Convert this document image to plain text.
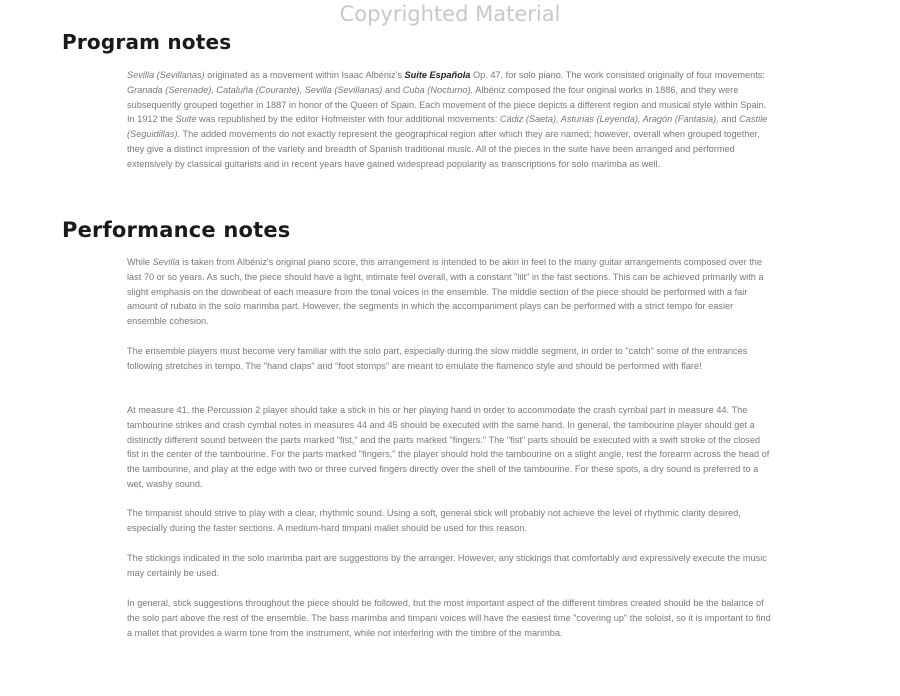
Copyrighted Material
Program notes

Sevilla (Sevillanas) originated as a movement within Isaac Albéniz's Suite Española Op. 47, for solo piano. The work consisted originally of four movements: Granada (Serenade), Cataluña (Courante), Sevilla (Sevillanas) and Cuba (Nocturno). Albéniz composed the four original works in 1886, and they were subsequently grouped together in 1887 in honor of the Queen of Spain. Each movement of the piece depicts a different region and musical style within Spain. In 1912 the Suite was republished by the editor Hofmeister with four additional movements: Cádiz (Saeta), Asturias (Leyenda), Aragón (Fantasia), and Castile (Seguidillas). The added movements do not exactly represent the geographical region after which they are named; however, overall when grouped together, they give a distinct impression of the variety and breadth of Spanish traditional music. All of the pieces in the suite have been arranged and performed extensively by classical guitarists and in recent years have gained widespread popularity as transcriptions for solo marimba as well.

Performance notes

While Sevilla is taken from Albéniz's original piano score, this arrangement is intended to be akin in feel to the many guitar arrangements composed over the last 70 or so years. As such, the piece should have a light, intimate feel overall, with a constant "lilt" in the fast sections. This can be achieved primarily with a slight emphasis on the downbeat of each measure from the tonal voices in the ensemble. The middle section of the piece should be performed with a fair amount of rubato in the solo marimba part. However, the segments in which the accompaniment plays can be performed with a strict tempo for easier ensemble cohesion.

The ensemble players must become very familiar with the solo part, especially during the slow middle segment, in order to "catch" some of the entrances following stretches in tempo. The "hand claps" and "foot stomps" are meant to emulate the flamenco style and should be performed with flare!

At measure 41, the Percussion 2 player should take a stick in his or her playing hand in order to accommodate the crash cymbal part in measure 44. The tambourine strikes and crash cymbal notes in measures 44 and 45 should be executed with the same hand. In general, the tambourine player should get a distinctly different sound between the parts marked "fist," and the parts marked "fingers." The "fist" parts should be executed with a swift stroke of the closed fist in the center of the tambourine. For the parts marked "fingers," the player should hold the tambourine on a slight angle, rest the forearm across the head of the tambourine, and play at the edge with two or three curved fingers directly over the shell of the tambourine. For these spots, a dry sound is preferred to a wet, washy sound.

The timpanist should strive to play with a clear, rhythmic sound. Using a soft, general stick will probably not achieve the level of rhythmic clarity desired, especially during the faster sections. A medium-hard timpani mallet should be used for this reason.

The stickings indicated in the solo marimba part are suggestions by the arranger. However, any stickings that comfortably and expressively execute the music may certainly be used.

In general, stick suggestions throughout the piece should be followed, but the most important aspect of the different timbres created should be the balance of the solo part above the rest of the ensemble. The bass marimba and timpani voices will have the easiest time "covering up" the soloist, so it is important to find a mallet that provides a warm tone from the instrument, while not interfering with the timbre of the marimba.
